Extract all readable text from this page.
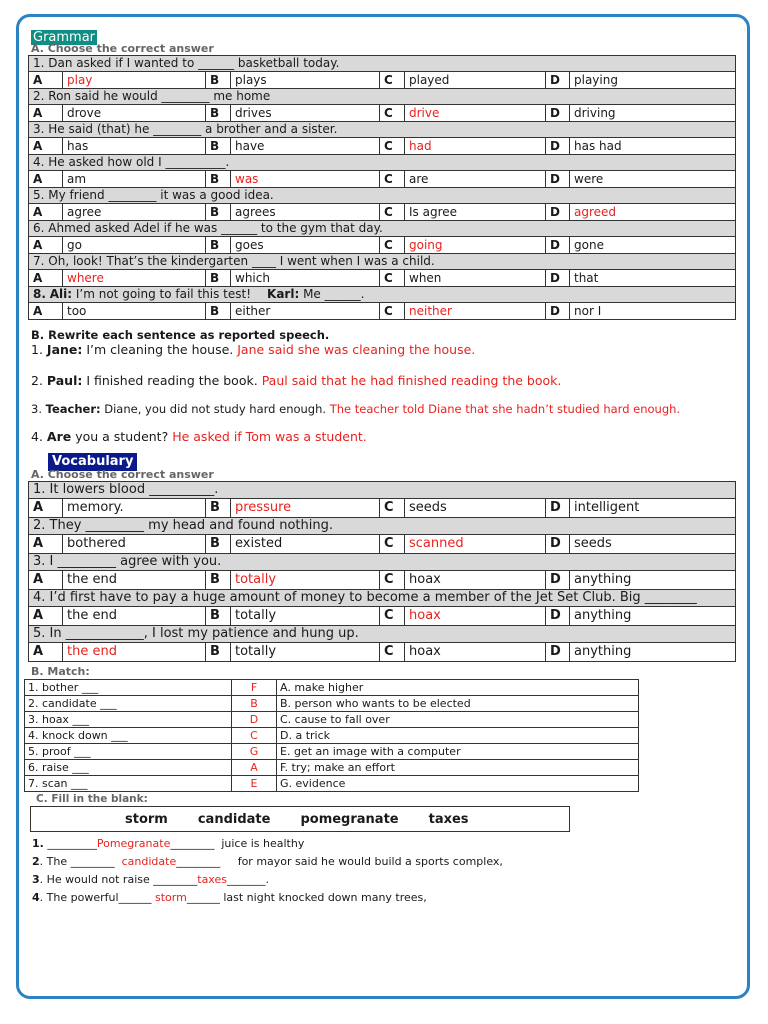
Grammar
A. Choose the correct answer
1. Dan asked if I wanted to ______ basketball today.							
A	play	B	plays	C	played	D	playing
2. Ron said he would ________ me home							
A	drove	B	drives	C	drive	D	driving
3. He said (that) he ________ a brother and a sister.							
A	has	B	have	C	had	D	has had
4. He asked how old I __________.							
A	am	B	was	C	are	D	were
5. My friend ________ it was a good idea.							
A	agree	B	agrees	C	Is agree	D	agreed
6. Ahmed asked Adel if he was ______ to the gym that day.							
A	go	B	goes	C	going	D	gone
7. Oh, look! That’s the kindergarten ____ I went when I was a child.							
A	where	B	which	C	when	D	that
8. Ali: I’m not going to fail this test! Karl: Me ______.							
A	too	B	either	C	neither	D	nor I
B. Rewrite each sentence as reported speech.
1. Jane: I’m cleaning the house. Jane said she was cleaning the house.
2. Paul: I finished reading the book. Paul said that he had finished reading the book.
3. Teacher: Diane, you did not study hard enough. The teacher told Diane that she hadn’t studied hard enough.
4. Are you a student? He asked if Tom was a student.
Vocabulary
A. Choose the correct answer
1. It lowers blood __________.							
A	memory.	B	pressure	C	seeds	D	intelligent
2. They _________ my head and found nothing.							
A	bothered	B	existed	C	scanned	D	seeds
3. I _________ agree with you.							
A	the end	B	totally	C	hoax	D	anything
4. I’d first have to pay a huge amount of money to become a member of the Jet Set Club. Big ________							
A	the end	B	totally	C	hoax	D	anything
5. In ____________, I lost my patience and hung up.							
A	the end	B	totally	C	hoax	D	anything
B. Match:
1. bother ___	F	A. make higher
2. candidate ___	B	B. person who wants to be elected
3. hoax ___	D	C. cause to fall over
4. knock down ___	C	D. a trick
5. proof ___	G	E. get an image with a computer
6. raise ___	A	F. try; make an effort
7. scan ___	E	G. evidence
C. Fill in the blank:
storm candidate pomegranate taxes
1. _________Pomegranate________  juice is healthy
2. The ________  candidate________     for mayor said he would build a sports complex,
3. He would not raise ________taxes_______.
4. The powerful______ storm______ last night knocked down many trees,
